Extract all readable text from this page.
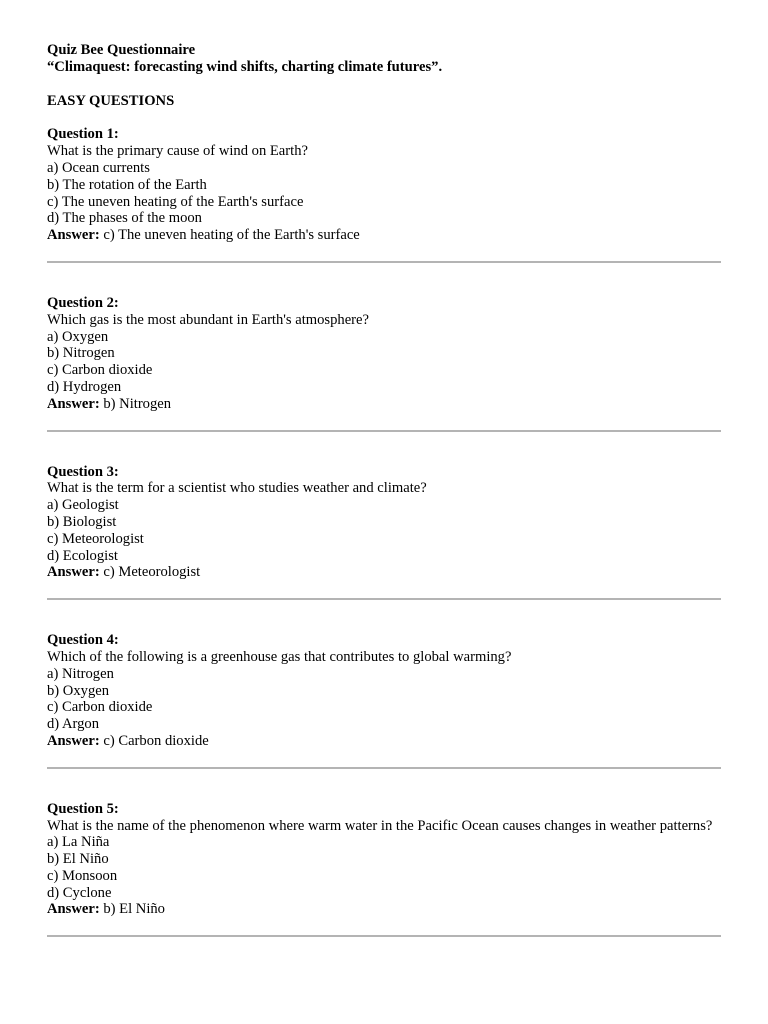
Quiz Bee Questionnaire
“Climaquest: forecasting wind shifts, charting climate futures”.
EASY QUESTIONS
Question 1:
What is the primary cause of wind on Earth?
a) Ocean currents
b) The rotation of the Earth
c) The uneven heating of the Earth's surface
d) The phases of the moon
Answer: c) The uneven heating of the Earth's surface
Question 2:
Which gas is the most abundant in Earth's atmosphere?
a) Oxygen
b) Nitrogen
c) Carbon dioxide
d) Hydrogen
Answer: b) Nitrogen
Question 3:
What is the term for a scientist who studies weather and climate?
a) Geologist
b) Biologist
c) Meteorologist
d) Ecologist
Answer: c) Meteorologist
Question 4:
Which of the following is a greenhouse gas that contributes to global warming?
a) Nitrogen
b) Oxygen
c) Carbon dioxide
d) Argon
Answer: c) Carbon dioxide
Question 5:
What is the name of the phenomenon where warm water in the Pacific Ocean causes changes in weather patterns?
a) La Niña
b) El Niño
c) Monsoon
d) Cyclone
Answer: b) El Niño
